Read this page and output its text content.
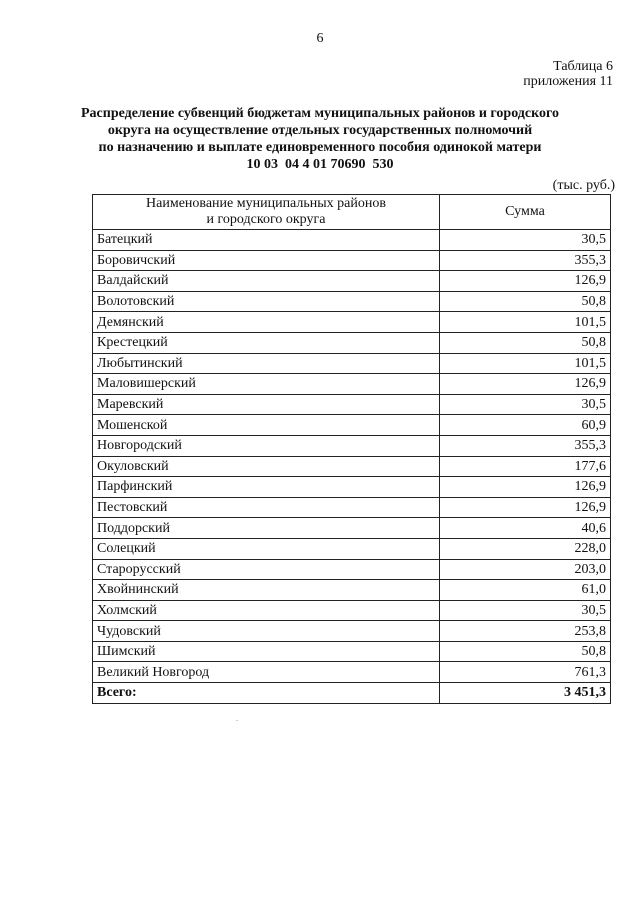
6
Таблица 6
приложения 11
Распределение субвенций бюджетам муниципальных районов и городского
округа на осуществление отдельных государственных полномочий
по назначению и выплате единовременного пособия одинокой матери
10 03  04 4 01 70690  530
(тыс. руб.)
Наименование муниципальных районов
и городского округа	Сумма
Батецкий	30,5
Боровичский	355,3
Валдайский	126,9
Волотовский	50,8
Демянский	101,5
Крестецкий	50,8
Любытинский	101,5
Маловишерский	126,9
Маревский	30,5
Мошенской	60,9
Новгородский	355,3
Окуловский	177,6
Парфинский	126,9
Пестовский	126,9
Поддорский	40,6
Солецкий	228,0
Старорусский	203,0
Хвойнинский	61,0
Холмский	30,5
Чудовский	253,8
Шимский	50,8
Великий Новгород	761,3
Всего:	3 451,3
